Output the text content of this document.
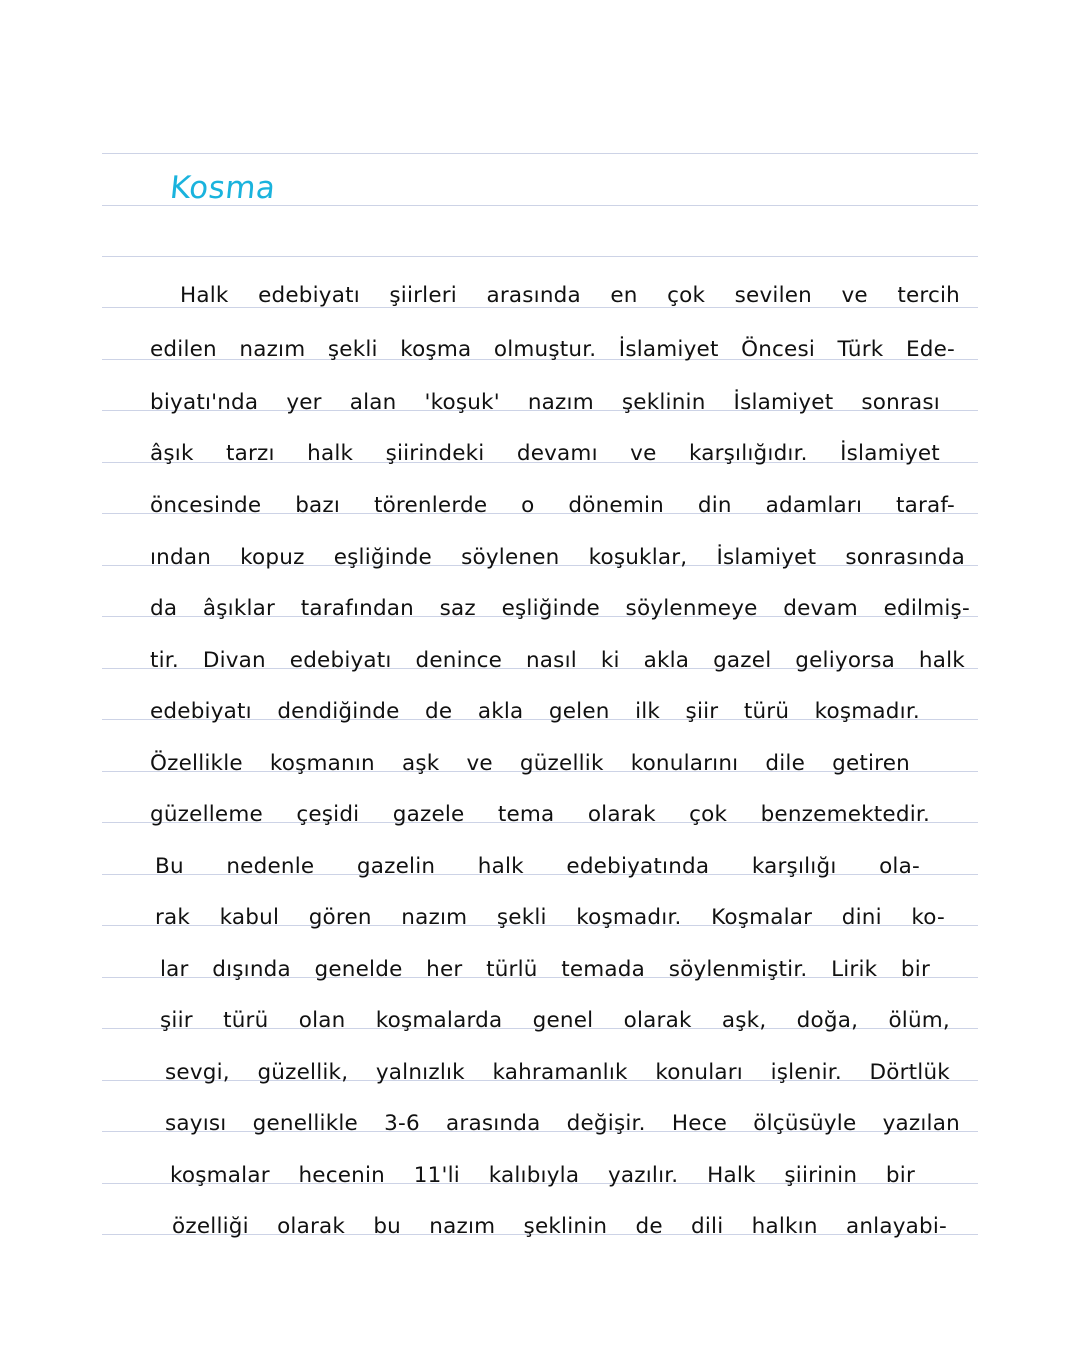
Kosma
Halk edebiyatı şiirleri arasında en çok sevilen ve tercih
edilen nazım şekli koşma olmuştur. İslamiyet Öncesi Türk Ede-
biyatı'nda yer alan 'koşuk' nazım şeklinin İslamiyet sonrası
âşık tarzı halk şiirindeki devamı ve karşılığıdır. İslamiyet
öncesinde bazı törenlerde o dönemin din adamları taraf-
ından kopuz eşliğinde söylenen koşuklar, İslamiyet sonrasında
da âşıklar tarafından saz eşliğinde söylenmeye devam edilmiş-
tir. Divan edebiyatı denince nasıl ki akla gazel geliyorsa halk
edebiyatı dendiğinde de akla gelen ilk şiir türü koşmadır.
Özellikle koşmanın aşk ve güzellik konularını dile getiren
güzelleme çeşidi gazele tema olarak çok benzemektedir.
Bu nedenle gazelin halk edebiyatında karşılığı ola-
rak kabul gören nazım şekli koşmadır. Koşmalar dini ko-
lar dışında genelde her türlü temada söylenmiştir. Lirik bir
şiir türü olan koşmalarda genel olarak aşk, doğa, ölüm,
sevgi, güzellik, yalnızlık kahramanlık konuları işlenir. Dörtlük
sayısı genellikle 3-6 arasında değişir. Hece ölçüsüyle yazılan
koşmalar hecenin 11'li kalıbıyla yazılır. Halk şiirinin bir
özelliği olarak bu nazım şeklinin de dili halkın anlayabi-
